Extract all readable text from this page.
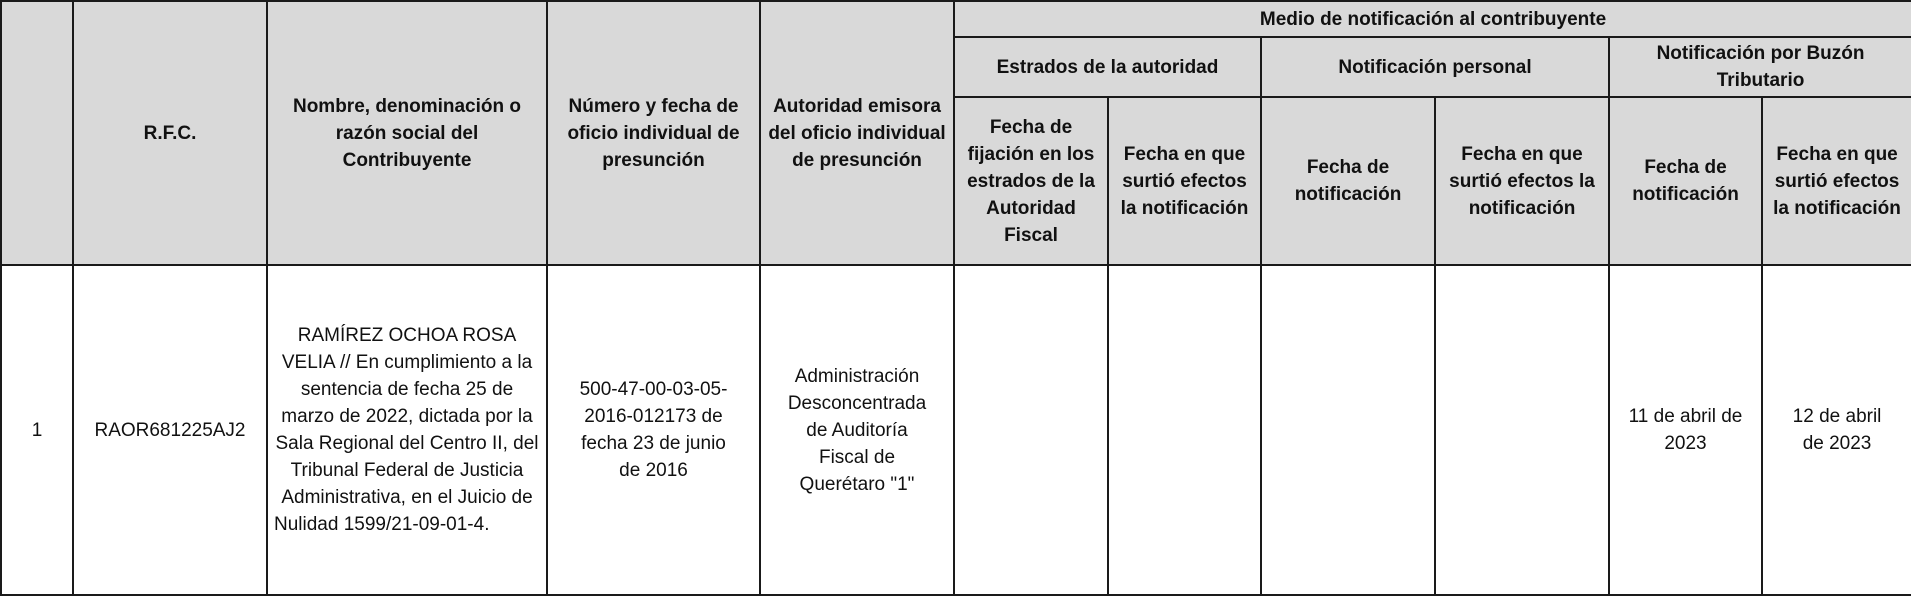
	R.F.C.	Nombre, denominación o razón social del Contribuyente	Número y fecha de oficio individual de presunción	Autoridad emisora del oficio individual de presunción	Medio de notificación al contribuyente					
					Estrados de la autoridad		Notificación personal		Notificación por Buzón Tributario	
					Fecha de fijación en los estrados de la Autoridad Fiscal	Fecha en que surtió efectos la notificación	Fecha de notificación	Fecha en que surtió efectos la notificación	Fecha de notificación	Fecha en que surtió efectos la notificación
1	RAOR681225AJ2	RAMÍREZ OCHOA ROSA VELIA // En cumplimiento a la sentencia de fecha 25 de marzo de 2022, dictada por la Sala Regional del Centro II, del Tribunal Federal de Justicia Administrativa, en el Juicio de Nulidad 1599/21-09-01-4.	500-47-00-03-05-2016-012173 de fecha 23 de junio de 2016	Administración Desconcentrada de Auditoría Fiscal de Querétaro "1"					11 de abril de 2023	12 de abril de 2023
